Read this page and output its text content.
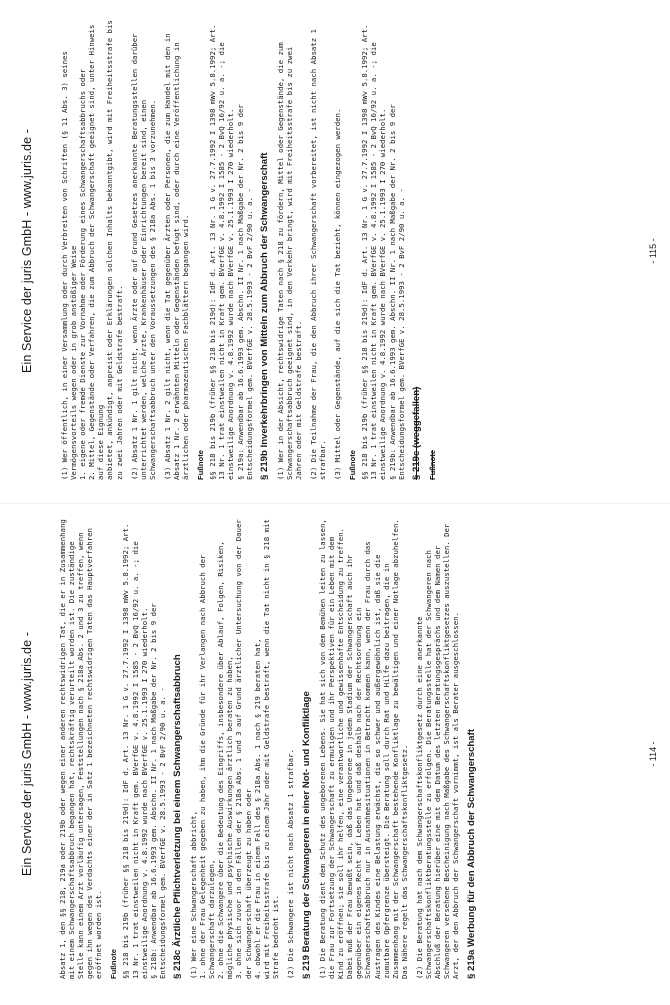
Ein Service der juris GmbH - www.juris.de -	Absatz 1, den §§ 218, 219a oder 219b oder wegen einer anderen rechtswidrigen Tat, die er in Zusammenhang mit einem Schwangerschaftsabbruch begangen hat, rechtskräftig verurteilt worden ist. Die zuständige Stelle kann einem Arzt vorläufig untersagen, Feststellungen nach § 218a Abs. 2 und 3 zu treffen, wenn gegen ihn wegen des Verdachts einer der in Satz 1 bezeichneten rechtswidrigen Taten das Hauptverfahren eröffnet worden ist. Fußnote §§ 218 bis 219b (früher §§ 218 bis 219d): IdF d. Art. 13 Nr. 1 G v. 27.7.1992 I 1398 mWv 5.8.1992; Art. 13 Nr. 1 trat einstweilen nicht in Kraft gem. BVerfGE v. 4.8.1992 I 1585 - 2 BvQ 16/92 u. a. -; die einstweilige Anordnung v. 4.8.1992 wurde nach BVerfGE v. 25.1.1993 I 270 wiederholt.
§ 218b: Anwendbar ab 16.6.1993 gem. Abschn. II Nr. 1 nach Maßgabe der Nr. 2 bis 9 der Entscheidungsformel gem. BVerfGE v. 28.5.1993 - 2 BvF 2/90 u. a. - § 218c Ärztliche Pflichtverletzung bei einem Schwangerschaftsabbruch (1) Wer eine Schwangerschaft abbricht,
1. ohne der Frau Gelegenheit gegeben zu haben, ihm die Gründe für ihr Verlangen nach Abbruch der Schwangerschaft darzulegen,
2. ohne die Schwangere über die Bedeutung des Eingriffs, insbesondere über Ablauf, Folgen, Risiken, mögliche physische und psychische Auswirkungen ärztlich beraten zu haben,
3. ohne sich zuvor in den Fällen der § 218a Abs. 1 und 3 auf Grund ärztlicher Untersuchung von der Dauer der Schwangerschaft überzeugt zu haben oder
4. obwohl er die Frau in einem Fall des § 218a Abs. 1 nach § 219 beraten hat,
wird mit Freiheitsstrafe bis zu einem Jahr oder mit Geldstrafe bestraft, wenn die Tat nicht in § 218 mit Strafe bedroht ist. (2) Die Schwangere ist nicht nach Absatz 1 strafbar. § 219 Beratung der Schwangeren in einer Not- und Konfliktlage (1) Die Beratung dient dem Schutz des ungeborenen Lebens. Sie hat sich von dem Bemühen leiten zu lassen, die Frau zur Fortsetzung der Schwangerschaft zu ermutigen und ihr Perspektiven für ein Leben mit dem Kind zu eröffnen; sie soll ihr helfen, eine verantwortliche und gewissenhafte Entscheidung zu treffen. Dabei muß der Frau bewußt sein, daß das Ungeborene in jedem Stadium der Schwangerschaft auch ihr gegenüber ein eigenes Recht auf Leben hat und daß deshalb nach der Rechtsordnung ein Schwangerschaftsabbruch nur in Ausnahmesituationen in Betracht kommen kann, wenn der Frau durch das Austragen des Kindes eine Belastung erwächst, die so schwer und außergewöhnlich ist, daß sie die zumutbare Opfergrenze übersteigt. Die Beratung soll durch Rat und Hilfe dazu beitragen, die in Zusammenhang mit der Schwangerschaft bestehende Konfliktlage zu bewältigen und einer Notlage abzuhelfen. Das Nähere regelt das Schwangerschaftskonfliktgesetz. (2) Die Beratung hat nach dem Schwangerschaftskonfliktgesetz durch eine anerkannte Schwangerschaftskonfliktberatungsstelle zu erfolgen. Die Beratungsstelle hat der Schwangeren nach Abschluß der Beratung hierüber eine mit dem Datum des letzten Beratungsgesprächs und dem Namen der Schwangeren versehene Bescheinigung nach Maßgabe des Schwangerschaftskonfliktgesetzes auszustellen. Der Arzt, der den Abbruch der Schwangerschaft vornimmt, ist als Berater ausgeschlossen. § 219a Werbung für den Abbruch der Schwangerschaft	- 114 -
Ein Service der juris GmbH - www.juris.de -

(1) Wer öffentlich, in einer Versammlung oder durch Verbreiten von Schriften (§ 11 Abs. 3) seines Vermögensvorteils wegen oder in grob anstößiger Weise
1. eigene oder fremde Dienste zur Vornahme oder Förderung eines Schwangerschaftsabbruchs oder
2. Mittel, Gegenstände oder Verfahren, die zum Abbruch der Schwangerschaft geeignet sind, unter Hinweis auf diese Eignung
anbietet, ankündigt, anpreist oder Erklärungen solchen Inhalts bekanntgibt, wird mit Freiheitsstrafe bis zu zwei Jahren oder mit Geldstrafe bestraft. (2) Absatz 1 Nr. 1 gilt nicht, wenn Ärzte oder auf Grund Gesetzes anerkannte Beratungsstellen darüber unterrichtet werden, welche Ärzte, Krankenhäuser oder Einrichtungen bereit sind, einen Schwangerschaftsabbruch unter den Voraussetzungen des § 218a Abs. 1 bis 3 vorzunehmen. (3) Absatz 1 Nr. 2 gilt nicht, wenn die Tat gegenüber Ärzten oder Personen, die zum Handel mit den in Absatz 1 Nr. 2 erwähnten Mitteln oder Gegenständen befugt sind, oder durch eine Veröffentlichung in ärztlichen oder pharmazeutischen Fachblättern begangen wird. Fußnote §§ 218 bis 219b (früher §§ 218 bis 219d): IdF d. Art. 13 Nr. 1 G v. 27.7.1992 I 1398 mWv 5.8.1992; Art. 13 Nr. 1 trat einstweilen nicht in Kraft gem. BVerfGE v. 4.8.1992 I 1585 - 2 BvQ 16/92 u. a. -; die einstweilige Anordnung v. 4.8.1992 wurde nach BVerfGE v. 25.1.1993 I 270 wiederholt.
§ 219a: Anwendbar ab 16.6.1993 gem. Abschn. II Nr. 1 nach Maßgabe der Nr. 2 bis 9 der Entscheidungsformel gem. BVerfGE v. 28.5.1993 - 2 BvF 2/90 u. a. - § 219b Inverkehrbringen von Mitteln zum Abbruch der Schwangerschaft (1) Wer in der Absicht, rechtswidrige Taten nach § 218 zu fördern, Mittel oder Gegenstände, die zum Schwangerschaftsabbruch geeignet sind, in den Verkehr bringt, wird mit Freiheitsstrafe bis zu zwei Jahren oder mit Geldstrafe bestraft. (2) Die Teilnahme der Frau, die den Abbruch ihrer Schwangerschaft vorbereitet, ist nicht nach Absatz 1 strafbar. (3) Mittel oder Gegenstände, auf die sich die Tat bezieht, können eingezogen werden. Fußnote §§ 218 bis 219b (früher §§ 218 bis 219d): IdF d. Art. 13 Nr. 1 G v. 27.7.1992 I 1398 mWv 5.8.1992; Art. 13 Nr. 1 trat einstweilen nicht in Kraft gem. BVerfGE v. 4.8.1992 I 1585 - 2 BvQ 16/92 u. a. -; die einstweilige Anordnung v. 4.8.1992 wurde nach BVerfGE v. 25.1.1993 I 270 wiederholt.
§ 219b: Anwendbar ab 16.6.1993 gem. Abschn. II Nr. 1 nach Maßgabe der Nr. 2 bis 9 der Entscheidungsformel gem. BVerfGE v. 28.5.1993 - 2 BvF 2/90 u. a. -

§ 219c (weggefallen) Fußnote
- 115 -
